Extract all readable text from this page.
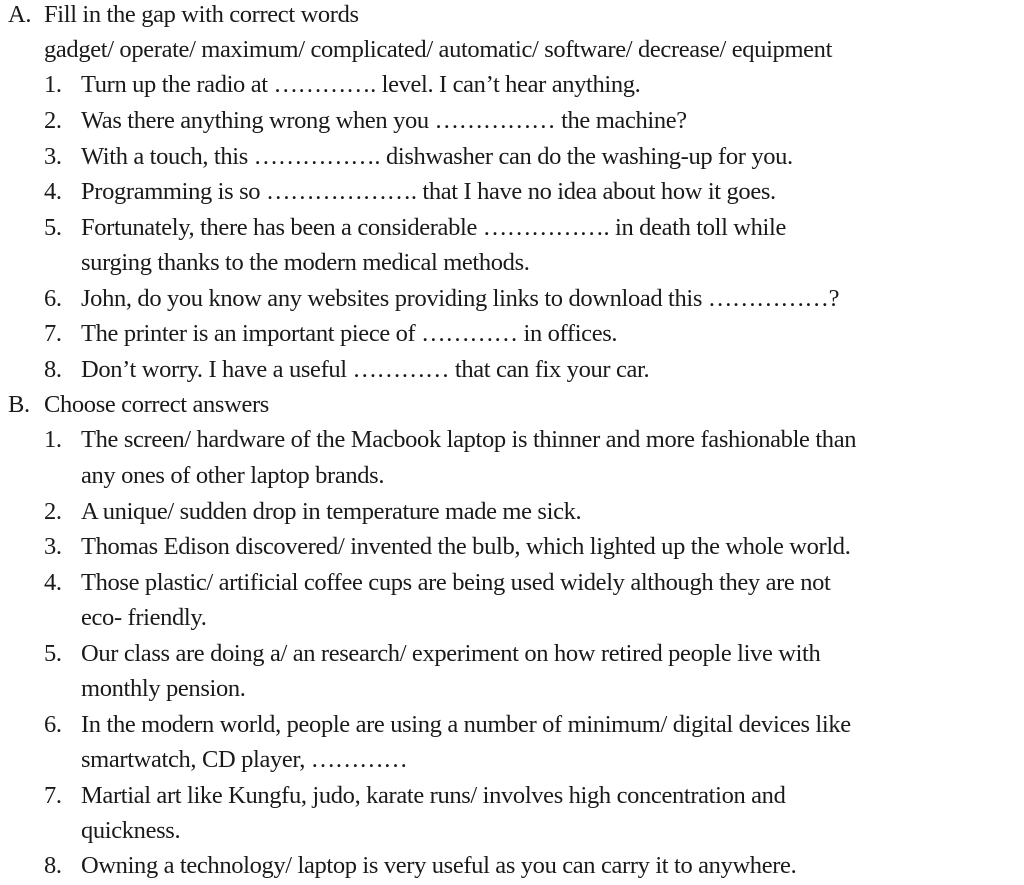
A. Fill in the gap with correct words
gadget/ operate/ maximum/ complicated/ automatic/ software/ decrease/ equipment
1. Turn up the radio at …………. level. I can’t hear anything.
2. Was there anything wrong when you …………… the machine?
3. With a touch, this ……………. dishwasher can do the washing-up for you.
4. Programming is so ………………. that I have no idea about how it goes.
5. Fortunately, there has been a considerable ……………. in death toll while
surging thanks to the modern medical methods.
6. John, do you know any websites providing links to download this ……………?
7. The printer is an important piece of ………… in offices.
8. Don’t worry. I have a useful ………… that can fix your car.
B. Choose correct answers
1. The screen/ hardware of the Macbook laptop is thinner and more fashionable than
any ones of other laptop brands.
2. A unique/ sudden drop in temperature made me sick.
3. Thomas Edison discovered/ invented the bulb, which lighted up the whole world.
4. Those plastic/ artificial coffee cups are being used widely although they are not
eco- friendly.
5. Our class are doing a/ an research/ experiment on how retired people live with
monthly pension.
6. In the modern world, people are using a number of minimum/ digital devices like
smartwatch, CD player, …………
7. Martial art like Kungfu, judo, karate runs/ involves high concentration and
quickness.
8. Owning a technology/ laptop is very useful as you can carry it to anywhere.
